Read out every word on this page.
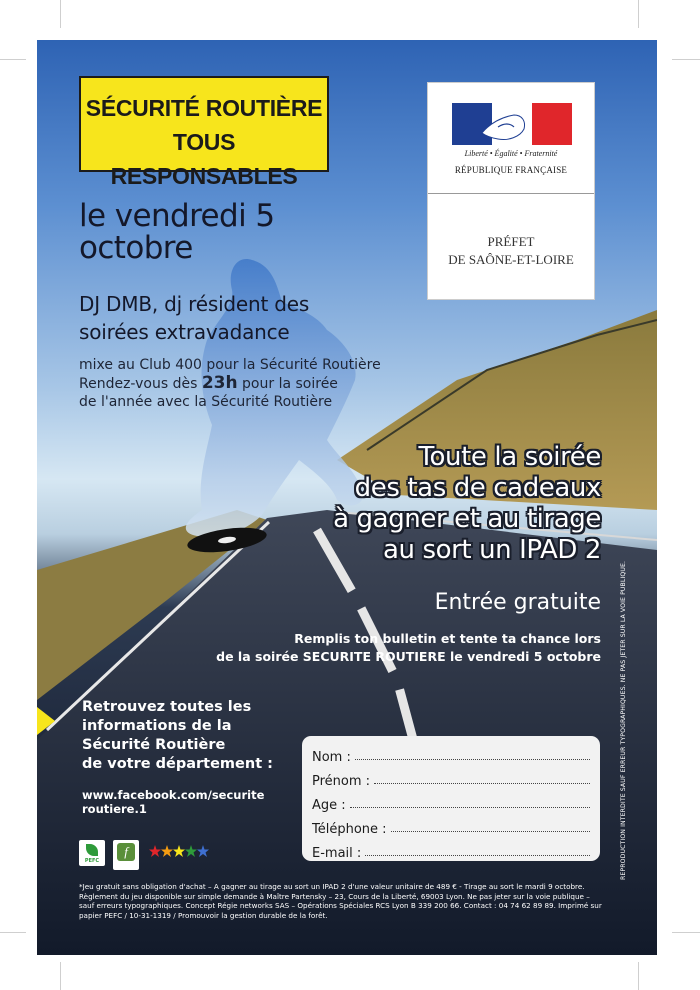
SÉCURITÉ ROUTIÈRE
TOUS RESPONSABLES
Liberté • Égalité • Fraternité
RÉPUBLIQUE FRANÇAISE
PRÉFET
DE SAÔNE-ET-LOIRE
le vendredi 5
octobre
DJ DMB, dj résident des
soirées extravadance
mixe au Club 400 pour la Sécurité Routière
Rendez-vous dès 23h pour la soirée
de l'année avec la Sécurité Routière
Toute la soirée
des tas de cadeaux
à gagner et au tirage
au sort un IPAD 2
Entrée gratuite
Remplis ton bulletin et tente ta chance lors
de la soirée SECURITE ROUTIERE le vendredi 5 octobre
Retrouvez toutes les
informations de la
Sécurité Routière
de votre département :
www.facebook.com/securite routiere.1
Nom :
Prénom :
Age :
Téléphone :
E-mail :
PEFC
f
*Jeu gratuit sans obligation d'achat – A gagner au tirage au sort un IPAD 2 d'une valeur unitaire de 489 € - Tirage au sort le mardi 9 octobre. Règlement du jeu disponible sur simple demande à Maître Partensky – 23, Cours de la Liberté, 69003 Lyon. Ne pas jeter sur la voie publique – sauf erreurs typographiques. Concept Régie networks SAS – Opérations Spéciales RCS Lyon B 339 200 66. Contact : 04 74 62 89 89. Imprimé sur papier PEFC / 10-31-1319 / Promouvoir la gestion durable de la forêt.
REPRODUCTION INTERDITE SAUF ERREUR TYPOGRAPHIQUES. NE PAS JETER SUR LA VOIE PUBLIQUE.
